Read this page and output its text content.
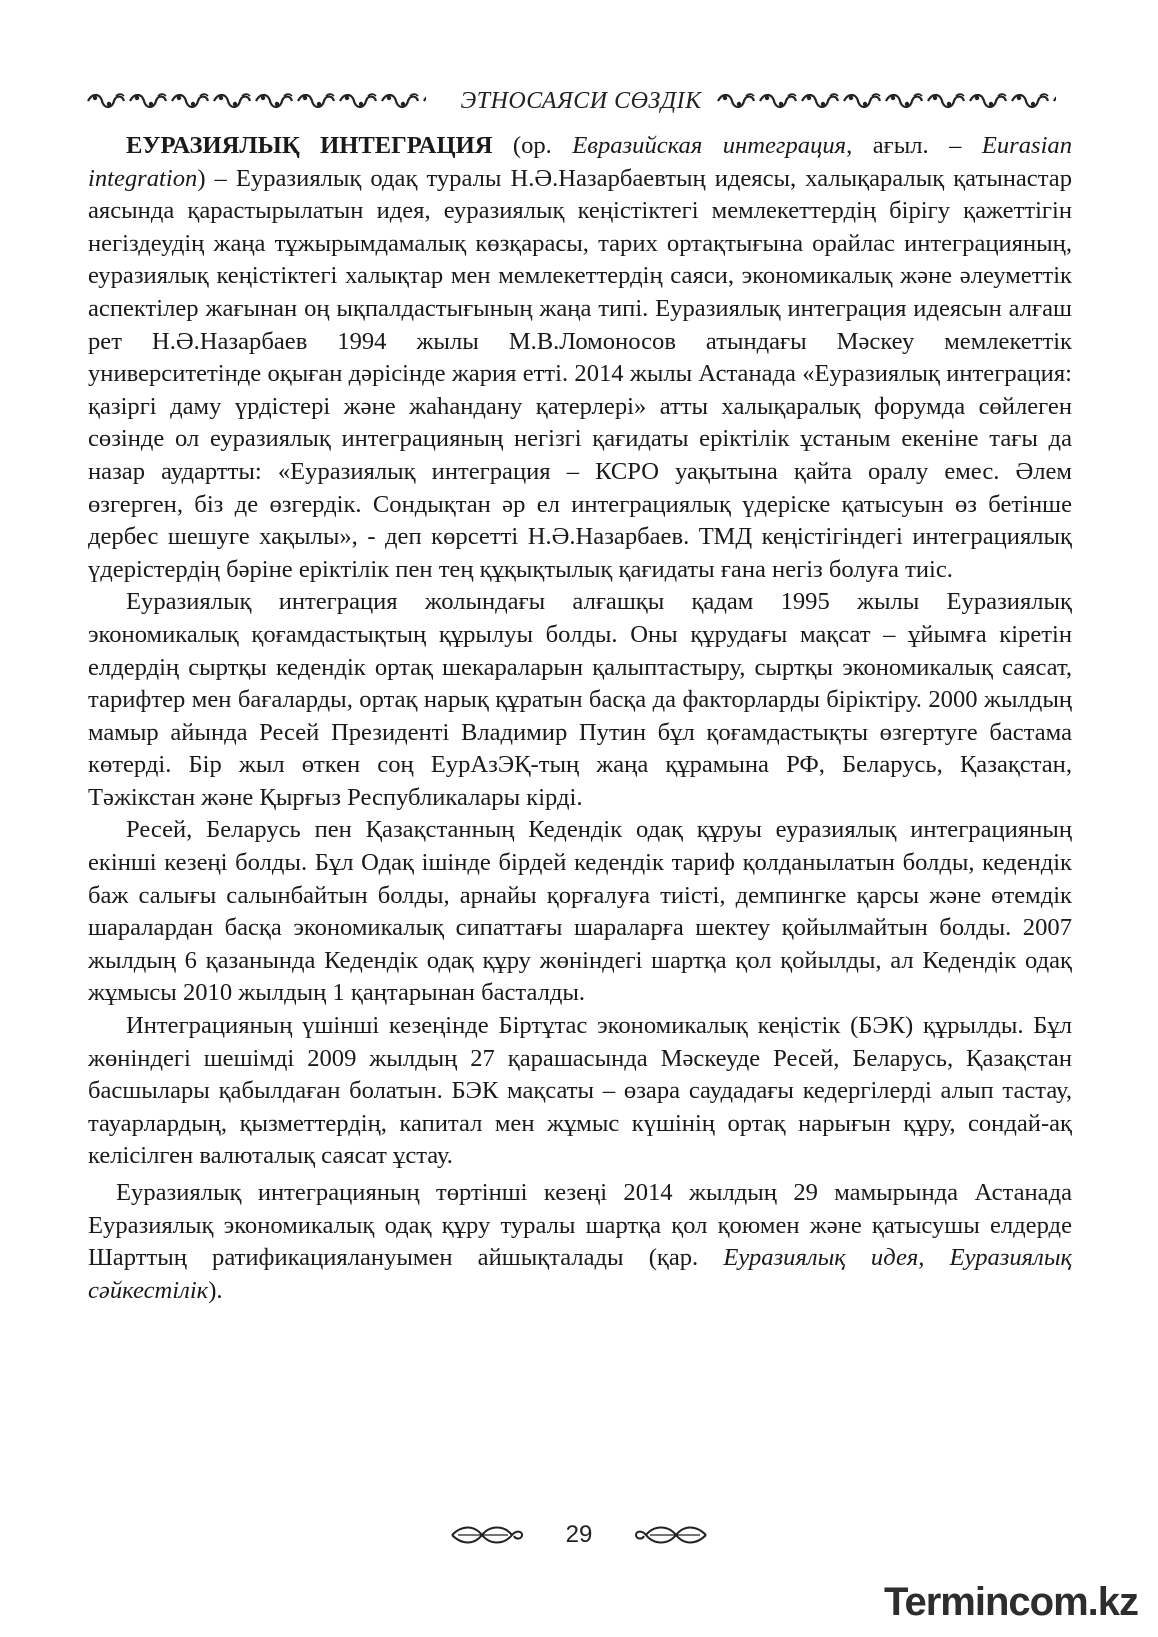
ЭТНОСАЯСИ СӨЗДІК

ЕУРАЗИЯЛЫҚ ИНТЕГРАЦИЯ (ор. Евразийская интеграция, ағыл. – Eurasian integration) – Еуразиялық одақ туралы Н.Ә.Назарбаевтың идеясы, халықаралық қатынастар аясында қарастырылатын идея, еуразиялық кеңістіктегі мемлекеттердің бірігу қажеттігін негіздеудің жаңа тұжырымдамалық көзқарасы, тарих ортақтығына орайлас интеграцияның, еуразиялық кеңістіктегі халықтар мен мемлекеттердің саяси, экономикалық және әлеуметтік аспектілер жағынан оң ықпалдастығының жаңа типі. Еуразиялық интеграция идеясын алғаш рет Н.Ә.Назарбаев 1994 жылы М.В.Ломоносов атындағы Мәскеу мемлекеттік университетінде оқыған дәрісінде жария етті. 2014 жылы Астанада «Еуразиялық интеграция: қазіргі даму үрдістері және жаһандану қатерлері» атты халықаралық форумда сөйлеген сөзінде ол еуразиялық интеграцияның негізгі қағидаты еріктілік ұстаным екеніне тағы да назар аудартты: «Еуразиялық интеграция – КСРО уақытына қайта оралу емес. Әлем өзгерген, біз де өзгердік. Сондықтан әр ел интеграциялық үдеріске қатысуын өз бетінше дербес шешуге хақылы», - деп көрсетті Н.Ә.Назарбаев. ТМД кеңістігіндегі интеграциялық үдерістердің бәріне еріктілік пен тең құқықтылық қағидаты ғана негіз болуға тиіс.

Еуразиялық интеграция жолындағы алғашқы қадам 1995 жылы Еуразиялық экономикалық қоғамдастықтың құрылуы болды. Оны құрудағы мақсат – ұйымға кіретін елдердің сыртқы кедендік ортақ шекараларын қалыптастыру, сыртқы экономикалық саясат, тарифтер мен бағаларды, ортақ нарық құратын басқа да факторларды біріктіру. 2000 жылдың мамыр айында Ресей Президенті Владимир Путин бұл қоғамдастықты өзгертуге бастама көтерді. Бір жыл өткен соң ЕурАзЭҚ-тың жаңа құрамына РФ, Беларусь, Қазақстан, Тәжікстан және Қырғыз Республикалары кірді.

Ресей, Беларусь пен Қазақстанның Кедендік одақ құруы еуразиялық интеграцияның екінші кезеңі болды. Бұл Одақ ішінде бірдей кедендік тариф қолданылатын болды, кедендік баж салығы салынбайтын болды, арнайы қорғалуға тиісті, демпингке қарсы және өтемдік шаралардан басқа экономикалық сипаттағы шараларға шектеу қойылмайтын болды. 2007 жылдың 6 қазанында Кедендік одақ құру жөніндегі шартқа қол қойылды, ал Кедендік одақ жұмысы 2010 жылдың 1 қаңтарынан басталды.

Интеграцияның үшінші кезеңінде Біртұтас экономикалық кеңістік (БЭК) құрылды. Бұл жөніндегі шешімді 2009 жылдың 27 қарашасында Мәскеуде Ресей, Беларусь, Қазақстан басшылары қабылдаған болатын. БЭК мақсаты – өзара саудадағы кедергілерді алып тастау, тауарлардың, қызметтердің, капитал мен жұмыс күшінің ортақ нарығын құру, сондай-ақ келісілген валюталық саясат ұстау.

Еуразиялық интеграцияның төртінші кезеңі 2014 жылдың 29 мамырында Астанада Еуразиялық экономикалық одақ құру туралы шартқа қол қоюмен және қатысушы елдерде Шарттың ратификациялануымен айшықталады (қар. Еуразиялық идея, Еуразиялық сәйкестілік).

29
Termincom.kz
